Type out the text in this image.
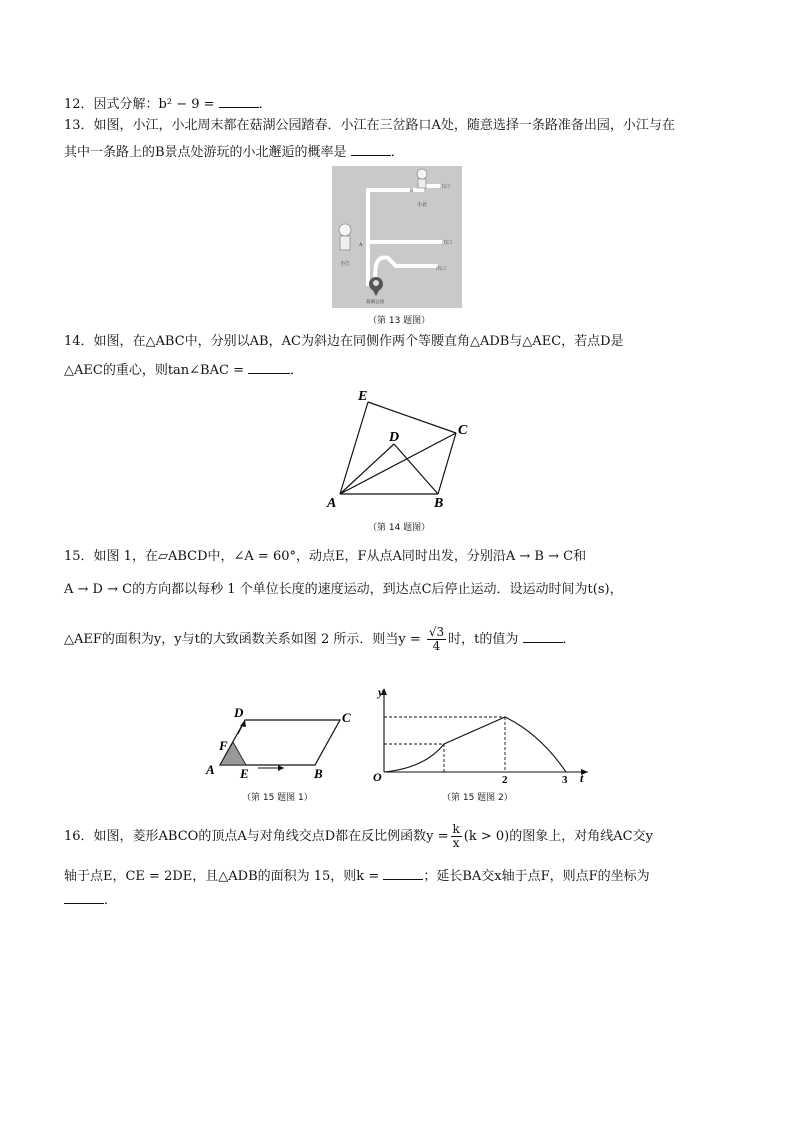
12．因式分解：b² − 9 =	．
13．如图，小江，小北周末都在菇湖公园踏春．小江在三岔路口A处，随意选择一条路准备出园，小江与在
其中一条路上的B景点处游玩的小北邂逅的概率是	．
出口
出口
出口
B
小北
小江
A
菇湖公园
（第 13 题图）
14．如图，在△ABC中，分别以AB，AC为斜边在同侧作两个等腰直角△ADB与△AEC，若点D是
△AEC的重心，则tan∠BAC =	．
E
D	C
A	B
（第 14 题图）
15．如图 1，在▱ABCD中，∠A = 60°，动点E，F从点A同时出发，分别沿A → B → C和
A → D → C的方向都以每秒 1 个单位长度的速度运动，到达点C后停止运动．设运动时间为t(s)，
△AEF的面积为y，y与t的大致函数关系如图 2 所示．则当$y = \frac{√3}{4}$ 时，t的值为	．
D	C
F
A E	B
（第 15 题图 1）
y
O	2	3 t
（第 15 题图 2）
16．如图，菱形ABCO的顶点A与对角线交点D都在反比例函数$y = \frac{k}{x} (k > 0)$的图象上，对角线AC交y
轴于点E，CE = 2DE，且△ADB的面积为 15，则k =	；延长BA交x轴于点F，则点F的坐标为
．
